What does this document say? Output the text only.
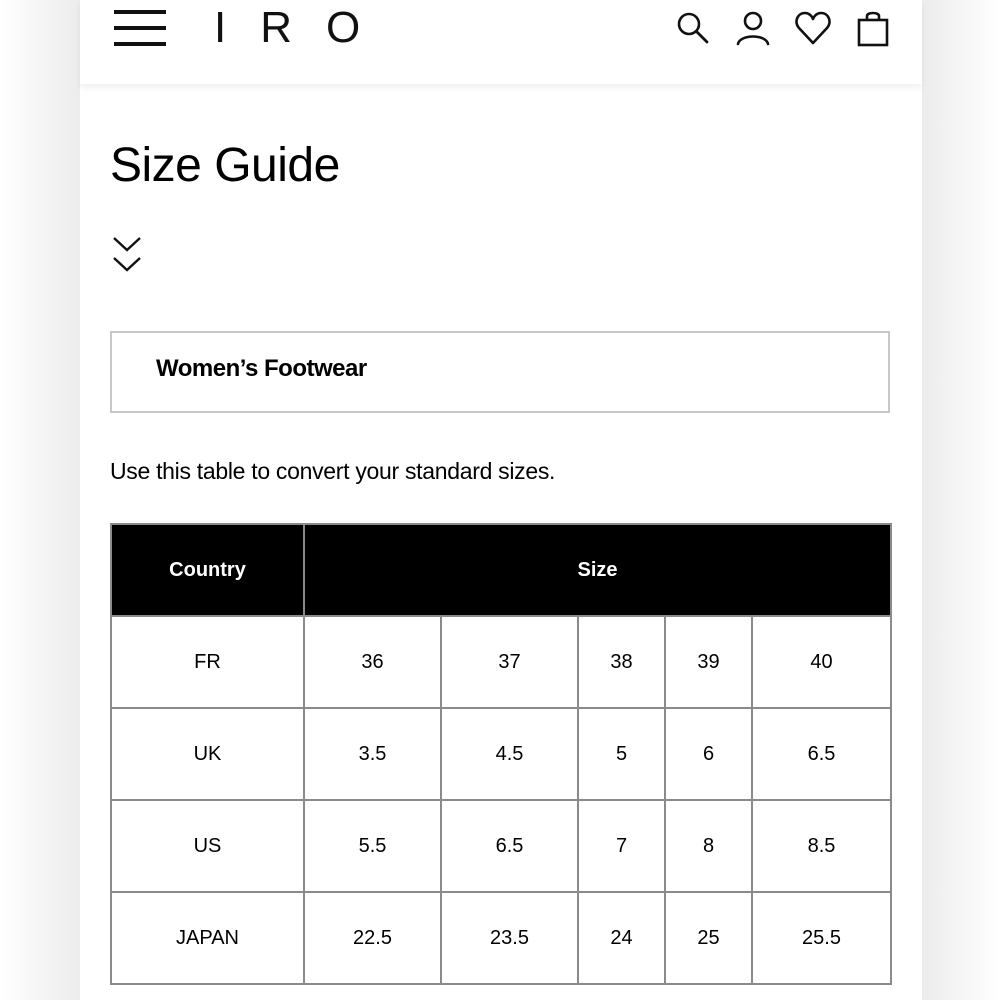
IRO
Size Guide
Women’s Footwear
Use this table to convert your standard sizes.
Country	Size				
FR	36	37	38	39	40
UK	3.5	4.5	5	6	6.5
US	5.5	6.5	7	8	8.5
JAPAN	22.5	23.5	24	25	25.5
